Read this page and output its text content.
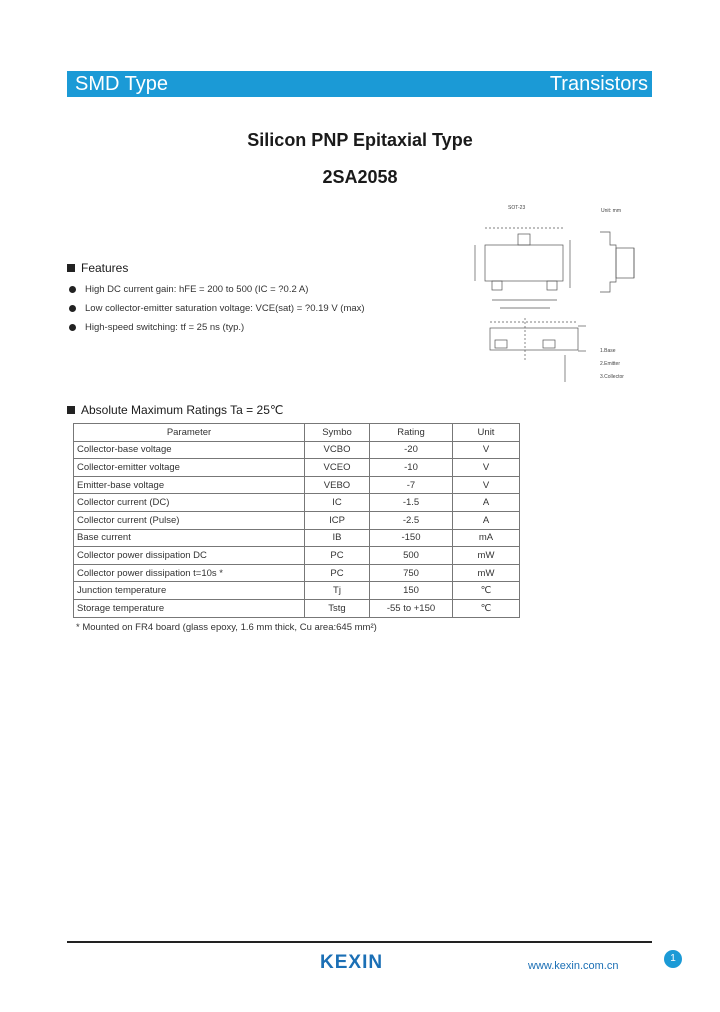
SMD Type	Transistors
Silicon PNP Epitaxial Type
2SA2058
SOT-23	Unit: mm
1.Base
2.Emitter
3.Collector
Features
High DC current gain: hFE = 200 to 500 (IC = ?0.2 A)
Low collector-emitter saturation voltage: VCE(sat) = ?0.19 V (max)
High-speed switching: tf = 25 ns (typ.)
Absolute Maximum Ratings Ta = 25℃
Parameter	Symbo	Rating	Unit
Collector-base voltage	VCBO	-20	V
Collector-emitter voltage	VCEO	-10	V
Emitter-base voltage	VEBO	-7	V
Collector current (DC)	IC	-1.5	A
Collector current (Pulse)	ICP	-2.5	A
Base current	IB	-150	mA
Collector power dissipation DC	PC	500	mW
Collector power dissipation t=10s *	PC	750	mW
Junction temperature	Tj	150	℃
Storage temperature	Tstg	-55 to +150	℃
* Mounted on FR4 board (glass epoxy, 1.6 mm thick, Cu area:645 mm²)
KEXIN	www.kexin.com.cn
1
